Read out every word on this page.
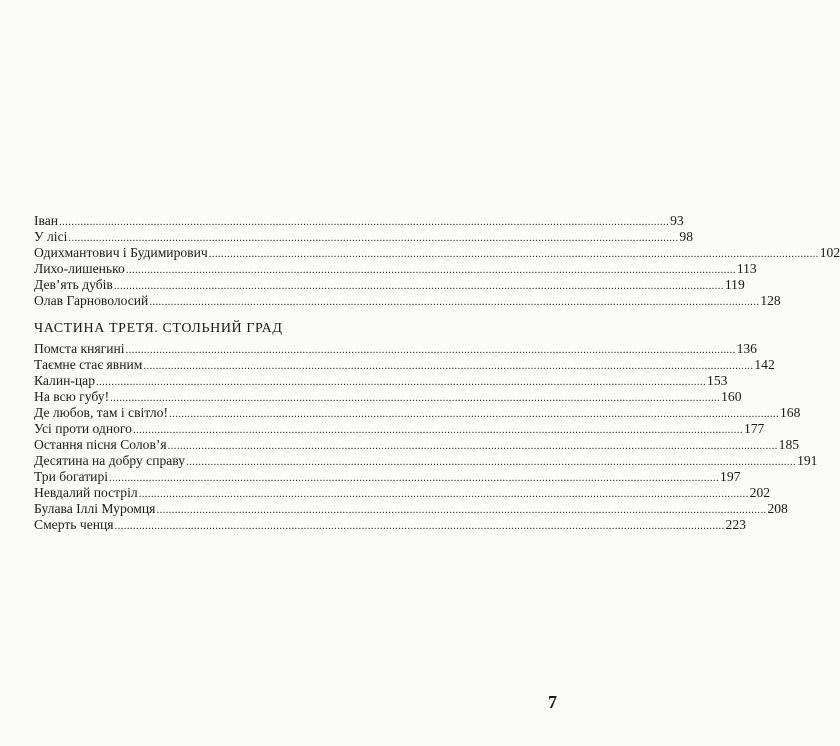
Іван ........................................................................................................................................................................................................ 93
У лісі ........................................................................................................................................................................................................ 98
Одихмантович і Будимирович ........................................................................................................................................................................................................ 102
Лихо-лишенько ........................................................................................................................................................................................................ 113
Дев’ять дубів ........................................................................................................................................................................................................ 119
Олав Гарноволосий ........................................................................................................................................................................................................ 128
ЧАСТИНА ТРЕТЯ. СТОЛЬНИЙ ГРАД
Помста княгині ........................................................................................................................................................................................................ 136
Таємне стає явним ........................................................................................................................................................................................................ 142
Калин-цар ........................................................................................................................................................................................................ 153
На всю губу! ........................................................................................................................................................................................................ 160
Де любов, там і світло! ........................................................................................................................................................................................................ 168
Усі проти одного ........................................................................................................................................................................................................ 177
Остання пісня Солов’я ........................................................................................................................................................................................................ 185
Десятина на добру справу ........................................................................................................................................................................................................ 191
Три богатирі ........................................................................................................................................................................................................ 197
Невдалий постріл ........................................................................................................................................................................................................ 202
Булава Іллі Муромця ........................................................................................................................................................................................................ 208
Смерть ченця ........................................................................................................................................................................................................ 223
7
